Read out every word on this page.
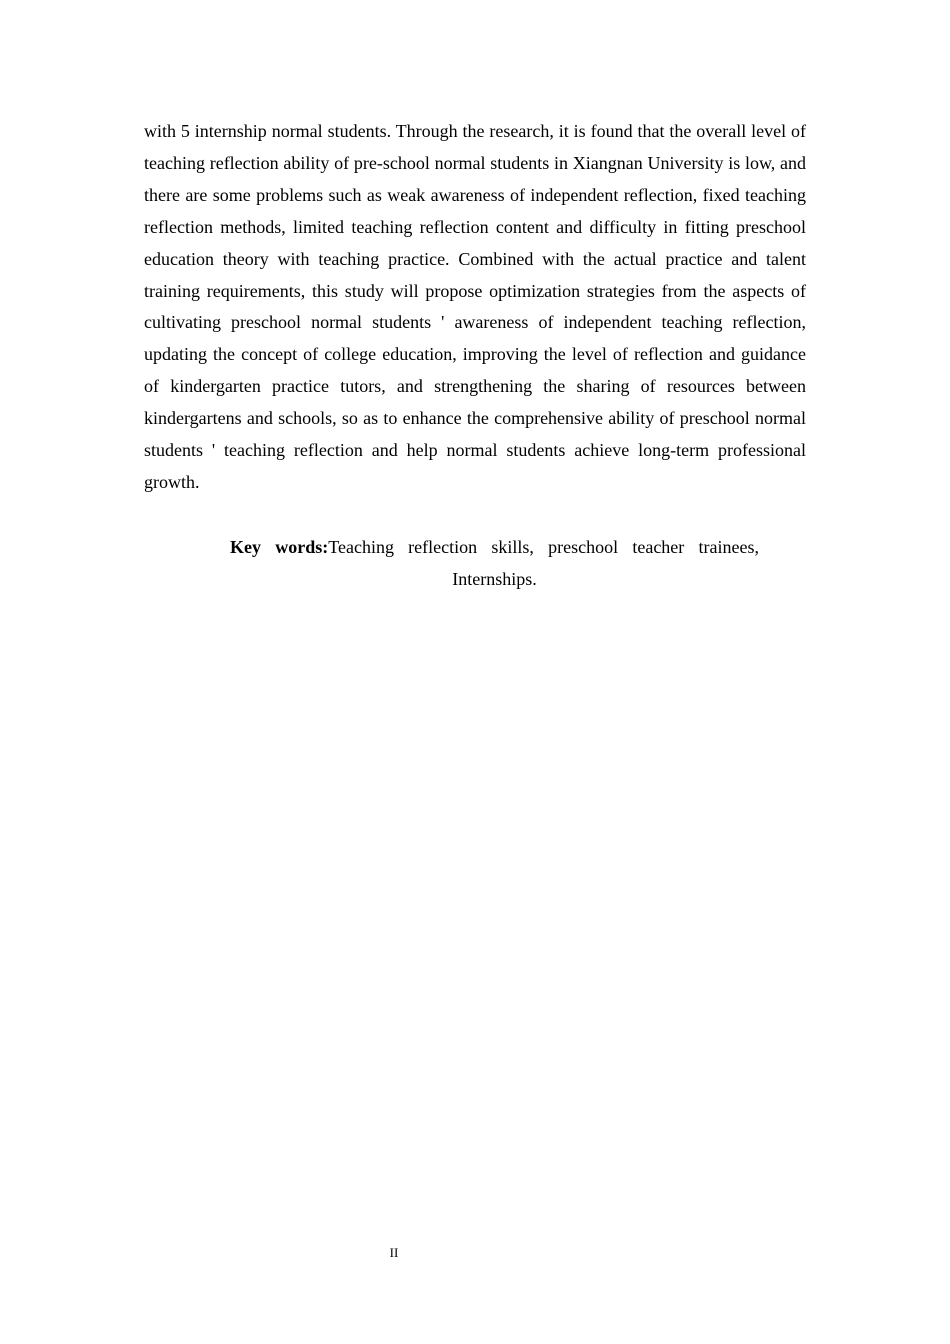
with 5 internship normal students. Through the research, it is found that the overall level of teaching reflection ability of pre-school normal students in Xiangnan University is low, and there are some problems such as weak awareness of independent reflection, fixed teaching reflection methods, limited teaching reflection content and difficulty in fitting preschool education theory with teaching practice. Combined with the actual practice and talent training requirements, this study will propose optimization strategies from the aspects of cultivating preschool normal students ' awareness of independent teaching reflection, updating the concept of college education, improving the level of reflection and guidance of kindergarten practice tutors, and strengthening the sharing of resources between kindergartens and schools, so as to enhance the comprehensive ability of preschool normal students ' teaching reflection and help normal students achieve long-term professional growth.

Key words:Teaching reflection skills, preschool teacher trainees, Internships.

II
